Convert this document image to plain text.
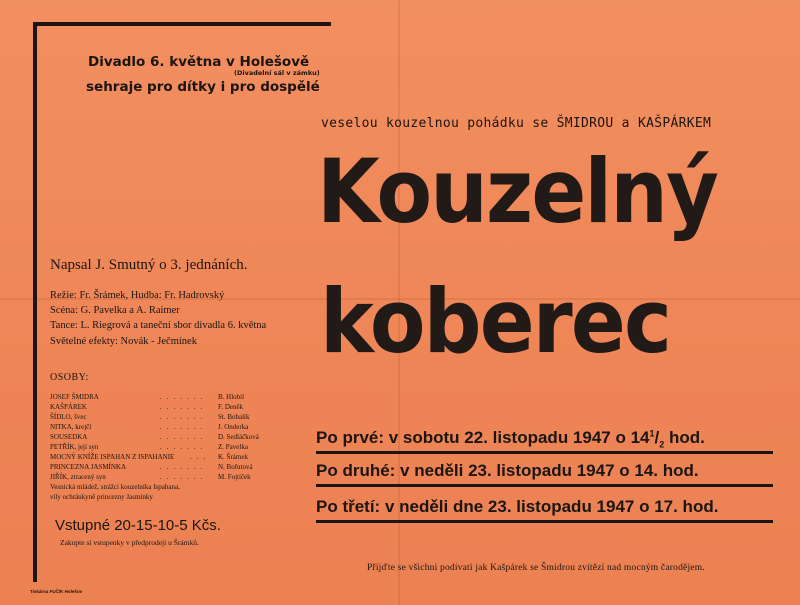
Divadlo 6. května v Holešově
(Divadelní sál v zámku)
sehraje pro dítky i pro dospělé
veselou kouzelnou pohádku se ŠMIDROU a KAŠPÁRKEM
Kouzelný
koberec
Napsal J. Smutný o 3. jednáních.
Režie: Fr. Šrámek, Hudba: Fr. Hadrovský
Scéna: G. Pavelka a A. Raimer
Tance: L. Riegrová a taneční sbor divadla 6. května
Světelné efekty: Novák - Ječmínek
OSOBY:
JOSEF ŠMIDRA	....... B. Hlobil
KAŠPÁREK	....... F. Deněk
ŠÍDLO, švec	....... St. Bobalík
NITKA, krejčí	....... J. Onderka
SOUSEDKA	....... D. Sedláčková
PETŘÍK, její syn	....... Z. Pavelka
MOCNÝ KNÍŽE ISPAHAN Z ISPAHANIE ... K. Šrámek
PRINCEZNA JASMÍNKA	....... N. Bořutová
JIŘÍK, ztracený syn	....... M. Fojtíček
Vesnická mládež, strážci kouzelníka Ispahana,
víly ochránkyně princezny Jasmínky
Vstupné 20-15-10-5 Kčs.
Zakupte si vstupenky v předprodeji u Šrámků.
Tiskárna FUČÍK Holešov
Po prvé: v sobotu 22. listopadu 1947 o $14^1/_2$ hod.
Po druhé: v neděli 23. listopadu 1947 o 14. hod.
Po třetí: v neděli dne 23. listopadu 1947 o 17. hod.
Přijďte se všichni podívati jak Kašpárek se Šmidrou zvítězí nad mocným čarodějem.
